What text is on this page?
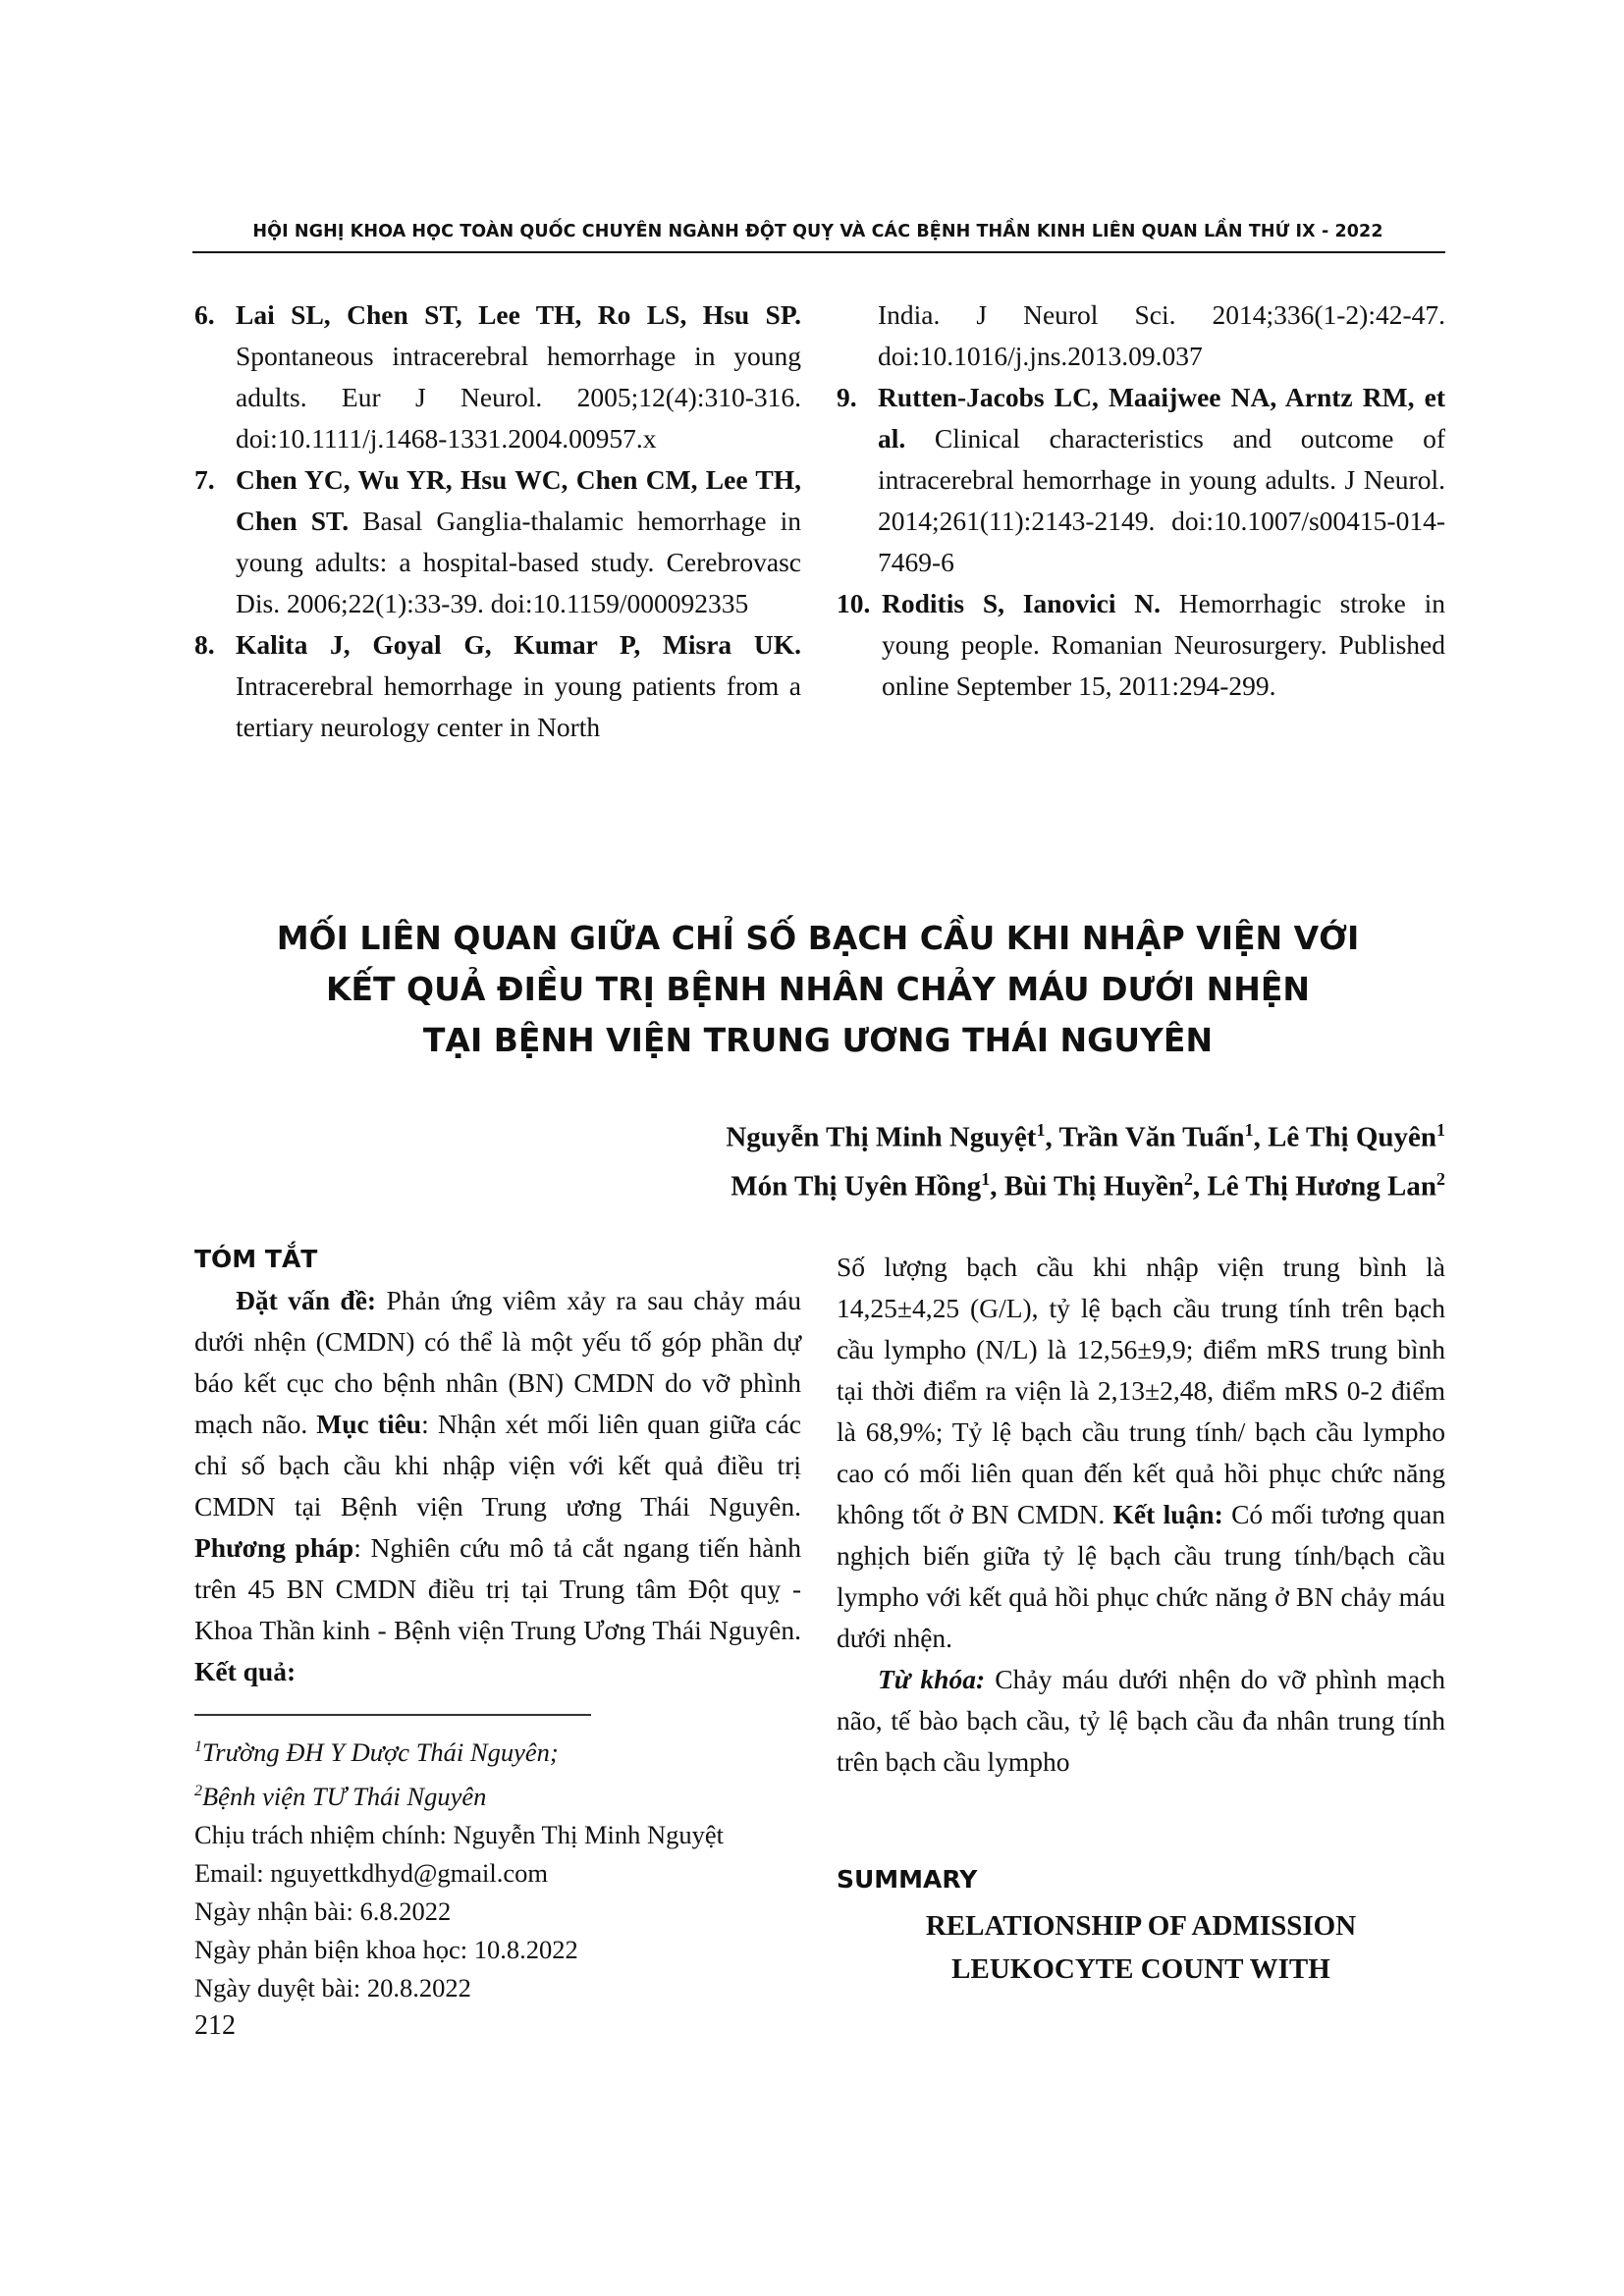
HỘI NGHỊ KHOA HỌC TOÀN QUỐC CHUYÊN NGÀNH ĐỘT QUỴ VÀ CÁC BỆNH THẦN KINH LIÊN QUAN LẦN THỨ IX - 2022
6. Lai SL, Chen ST, Lee TH, Ro LS, Hsu SP. Spontaneous intracerebral hemorrhage in young adults. Eur J Neurol. 2005;12(4):310-316. doi:10.1111/j.1468-1331.2004.00957.x
7. Chen YC, Wu YR, Hsu WC, Chen CM, Lee TH, Chen ST. Basal Ganglia-thalamic hemorrhage in young adults: a hospital-based study. Cerebrovasc Dis. 2006;22(1):33-39. doi:10.1159/000092335
8. Kalita J, Goyal G, Kumar P, Misra UK. Intracerebral hemorrhage in young patients from a tertiary neurology center in North
India. J Neurol Sci. 2014;336(1-2):42-47. doi:10.1016/j.jns.2013.09.037
9. Rutten-Jacobs LC, Maaijwee NA, Arntz RM, et al. Clinical characteristics and outcome of intracerebral hemorrhage in young adults. J Neurol. 2014;261(11):2143-2149. doi:10.1007/s00415-014-7469-6
10. Roditis S, Ianovici N. Hemorrhagic stroke in young people. Romanian Neurosurgery. Published online September 15, 2011:294-299.
MỐI LIÊN QUAN GIỮA CHỈ SỐ BẠCH CẦU KHI NHẬP VIỆN VỚI
KẾT QUẢ ĐIỀU TRỊ BỆNH NHÂN CHẢY MÁU DƯỚI NHỆN
TẠI BỆNH VIỆN TRUNG ƯƠNG THÁI NGUYÊN
Nguyễn Thị Minh Nguyệt$^1$, Trần Văn Tuấn$^1$, Lê Thị Quyên$^1$
Món Thị Uyên Hồng$^1$, Bùi Thị Huyền$^2$, Lê Thị Hương Lan$^2$
TÓM TẮT

Đặt vấn đề: Phản ứng viêm xảy ra sau chảy máu dưới nhện (CMDN) có thể là một yếu tố góp phần dự báo kết cục cho bệnh nhân (BN) CMDN do vỡ phình mạch não. Mục tiêu: Nhận xét mối liên quan giữa các chỉ số bạch cầu khi nhập viện với kết quả điều trị CMDN tại Bệnh viện Trung ương Thái Nguyên. Phương pháp: Nghiên cứu mô tả cắt ngang tiến hành trên 45 BN CMDN điều trị tại Trung tâm Đột quỵ - Khoa Thần kinh - Bệnh viện Trung Ương Thái Nguyên. Kết quả:

$^1$Trường ĐH Y Dược Thái Nguyên;
$^2$Bệnh viện TƯ Thái Nguyên
Chịu trách nhiệm chính: Nguyễn Thị Minh Nguyệt
Email: nguyettkdhyd@gmail.com
Ngày nhận bài: 6.8.2022
Ngày phản biện khoa học: 10.8.2022
Ngày duyệt bài: 20.8.2022

Số lượng bạch cầu khi nhập viện trung bình là 14,25±4,25 (G/L), tỷ lệ bạch cầu trung tính trên bạch cầu lympho (N/L) là 12,56±9,9; điểm mRS trung bình tại thời điểm ra viện là 2,13±2,48, điểm mRS 0-2 điểm là 68,9%; Tỷ lệ bạch cầu trung tính/ bạch cầu lympho cao có mối liên quan đến kết quả hồi phục chức năng không tốt ở BN CMDN. Kết luận: Có mối tương quan nghịch biến giữa tỷ lệ bạch cầu trung tính/bạch cầu lympho với kết quả hồi phục chức năng ở BN chảy máu dưới nhện.

Từ khóa: Chảy máu dưới nhện do vỡ phình mạch não, tế bào bạch cầu, tỷ lệ bạch cầu đa nhân trung tính trên bạch cầu lympho

SUMMARY
RELATIONSHIP OF ADMISSION
LEUKOCYTE COUNT WITH
212
